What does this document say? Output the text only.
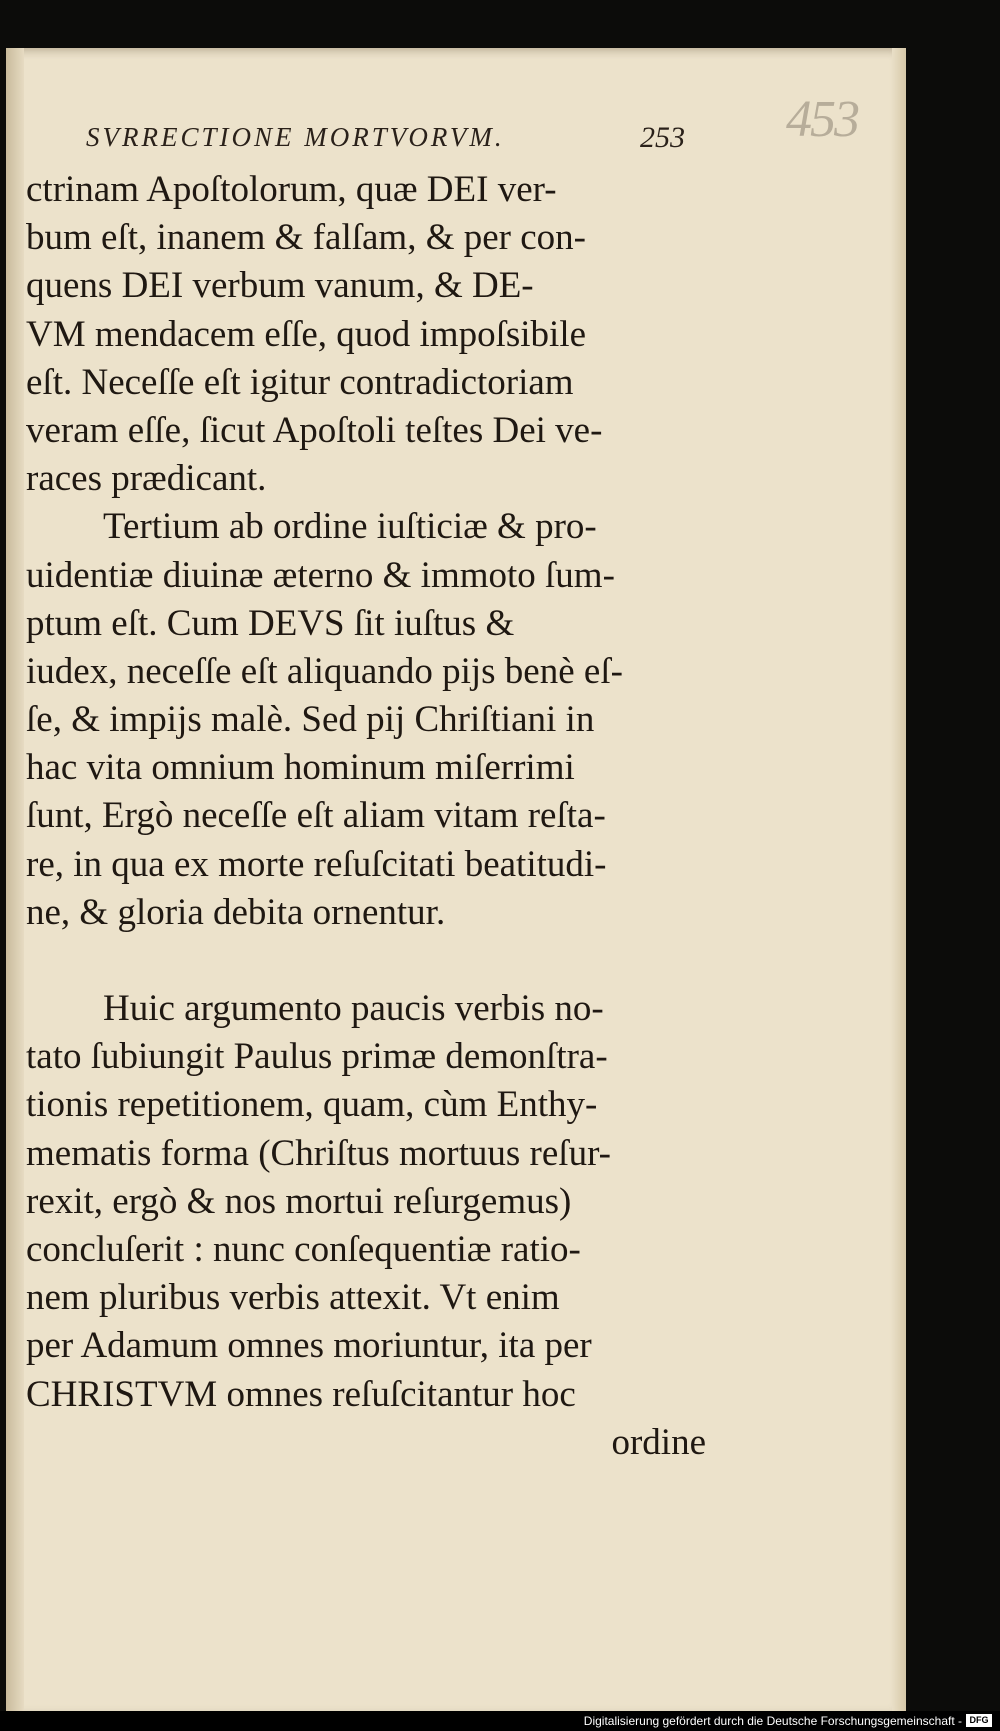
453
SVRRECTIONE MORTVORVM.	253
ctrinam Apoſtolorum, quæ DEI ver-
bum eſt, inanem & falſam, & per con-
quens DEI verbum vanum, & DE-
VM mendacem eſſe, quod impoſsibile
eſt. Neceſſe eſt igitur contradictoriam
veram eſſe, ſicut Apoſtoli teſtes Dei ve-
races prædicant.
Tertium ab ordine iuſticiæ & pro-
uidentiæ diuinæ æterno & immoto ſum-
ptum eſt. Cum DEVS ſit iuſtus &
iudex, neceſſe eſt aliquando pijs benè eſ-
ſe, & impijs malè. Sed pij Chriſtiani in
hac vita omnium hominum miſerrimi
ſunt, Ergò neceſſe eſt aliam vitam reſta-
re, in qua ex morte reſuſcitati beatitudi-
ne, & gloria debita ornentur.
Huic argumento paucis verbis no-
tato ſubiungit Paulus primæ demonſtra-
tionis repetitionem, quam, cùm Enthy-
mematis forma (Chriſtus mortuus reſur-
rexit, ergò & nos mortui reſurgemus)
concluſerit : nunc conſequentiæ ratio-
nem pluribus verbis attexit. Vt enim
per Adamum omnes moriuntur, ita per
CHRISTVM omnes reſuſcitantur hoc
ordine
Digitalisierung gefördert durch die Deutsche Forschungsgemeinschaft - DFG
